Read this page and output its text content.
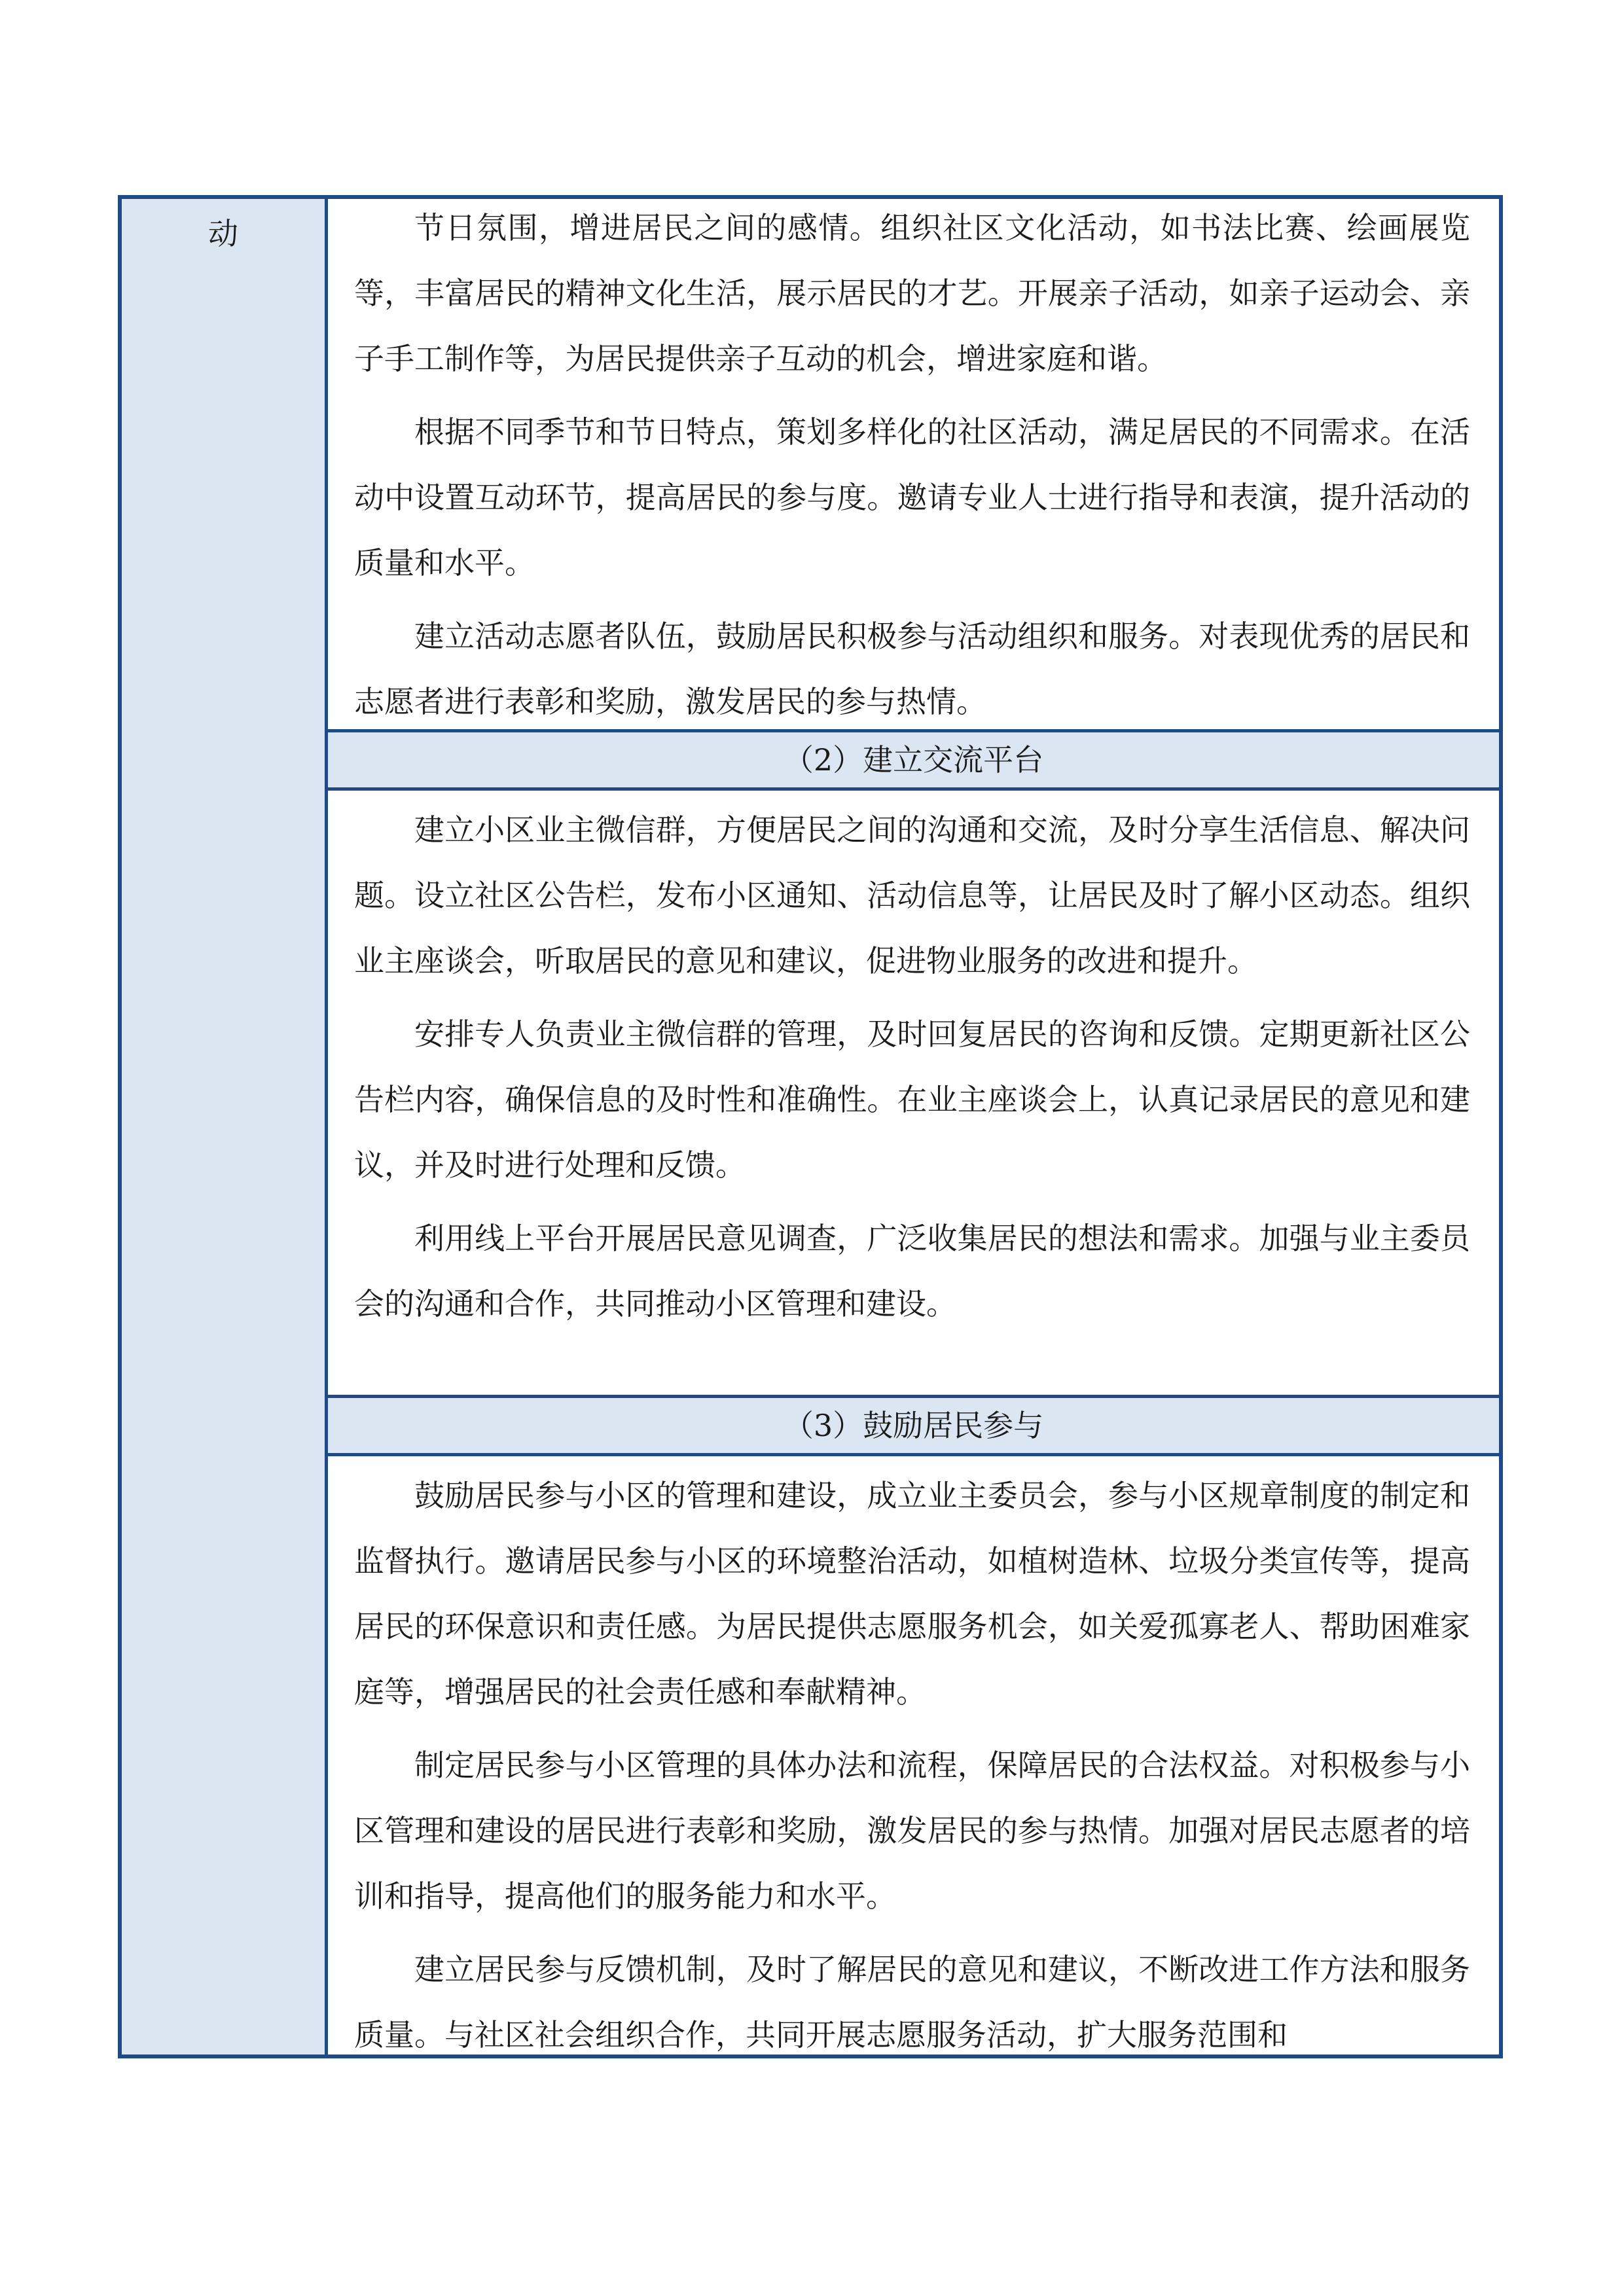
动	节日氛围，增进居民之间的感情。组织社区文化活动，如书法比赛、绘画展览等，丰富居民的精神文化生活，展示居民的才艺。开展亲子活动，如亲子运动会、亲子手工制作等，为居民提供亲子互动的机会，增进家庭和谐。

根据不同季节和节日特点，策划多样化的社区活动，满足居民的不同需求。在活动中设置互动环节，提高居民的参与度。邀请专业人士进行指导和表演，提升活动的质量和水平。

建立活动志愿者队伍，鼓励居民积极参与活动组织和服务。对表现优秀的居民和志愿者进行表彰和奖励，激发居民的参与热情。

（2）建立交流平台

建立小区业主微信群，方便居民之间的沟通和交流，及时分享生活信息、解决问题。设立社区公告栏，发布小区通知、活动信息等，让居民及时了解小区动态。组织业主座谈会，听取居民的意见和建议，促进物业服务的改进和提升。

安排专人负责业主微信群的管理，及时回复居民的咨询和反馈。定期更新社区公告栏内容，确保信息的及时性和准确性。在业主座谈会上，认真记录居民的意见和建议，并及时进行处理和反馈。

利用线上平台开展居民意见调查，广泛收集居民的想法和需求。加强与业主委员会的沟通和合作，共同推动小区管理和建设。

（3）鼓励居民参与

鼓励居民参与小区的管理和建设，成立业主委员会，参与小区规章制度的制定和监督执行。邀请居民参与小区的环境整治活动，如植树造林、垃圾分类宣传等，提高居民的环保意识和责任感。为居民提供志愿服务机会，如关爱孤寡老人、帮助困难家庭等，增强居民的社会责任感和奉献精神。

制定居民参与小区管理的具体办法和流程，保障居民的合法权益。对积极参与小区管理和建设的居民进行表彰和奖励，激发居民的参与热情。加强对居民志愿者的培训和指导，提高他们的服务能力和水平。

建立居民参与反馈机制，及时了解居民的意见和建议，不断改进工作方法和服务质量。与社区社会组织合作，共同开展志愿服务活动，扩大服务范围和
